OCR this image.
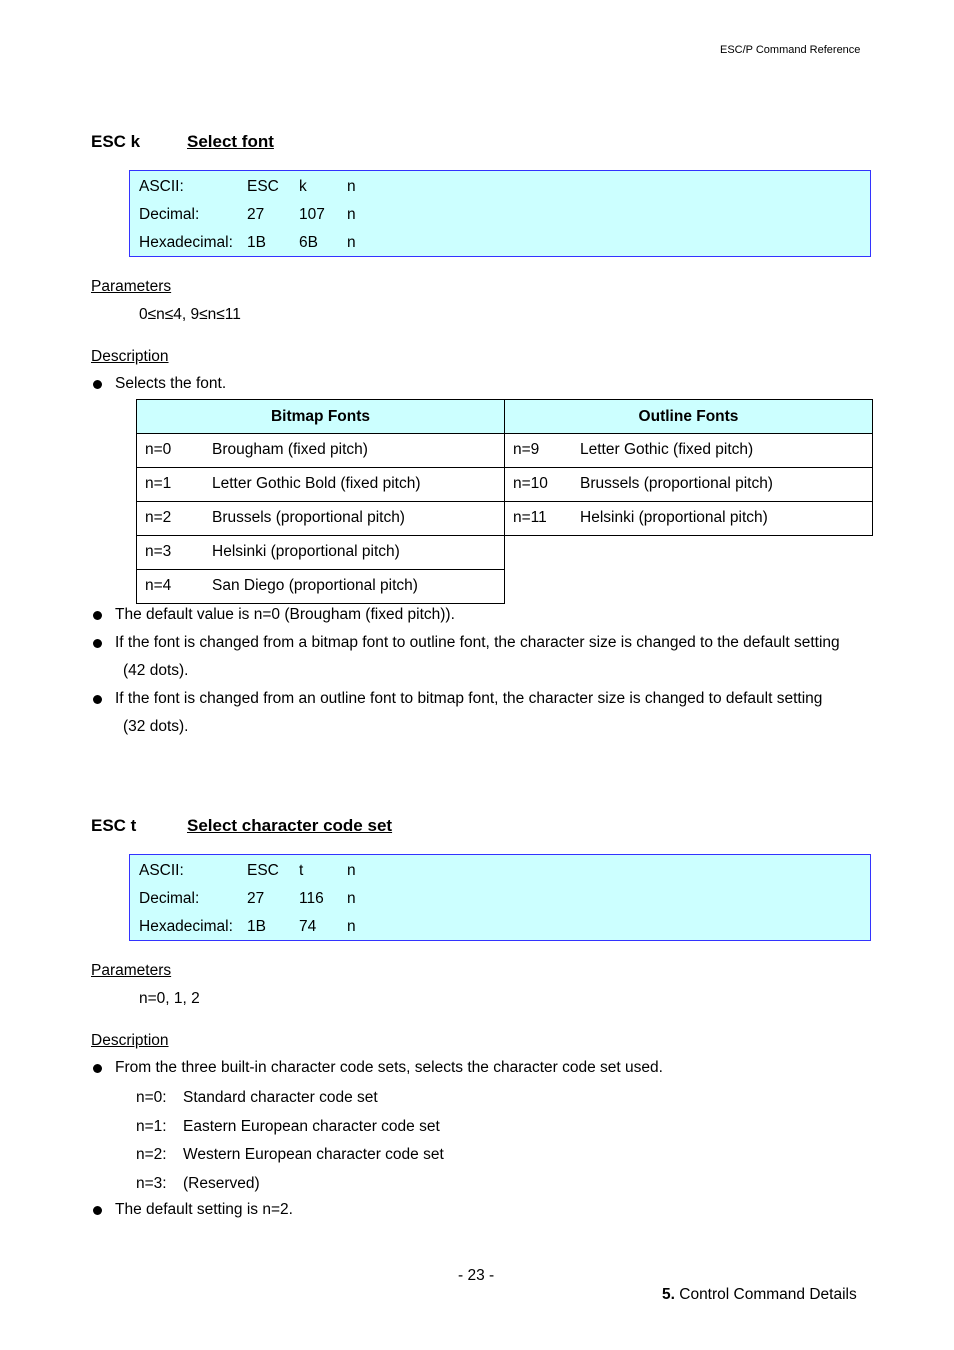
ESC/P Command Reference
ESC k	Select font
ASCII:	ESC k	n
Decimal:	27 107 n
Hexadecimal: 1B 6B n
Parameters
0≤n≤4, 9≤n≤11
Description
Selects the font.
Bitmap Fonts	Outline Fonts

n=0 Brougham (fixed pitch)	n=9 Letter Gothic (fixed pitch)

n=1 Letter Gothic Bold (fixed pitch)	n=10 Brussels (proportional pitch)

n=2 Brussels (proportional pitch)	n=11 Helsinki (proportional pitch)

n=3 Helsinki (proportional pitch)	

n=4 San Diego (proportional pitch)	

The default value is n=0 (Brougham (fixed pitch)).
If the font is changed from a bitmap font to outline font, the character size is changed to the default setting
(42 dots).
If the font is changed from an outline font to bitmap font, the character size is changed to default setting
(32 dots).
ESC t	Select character code set
ASCII:	ESC t	n
Decimal:	27 116 n
Hexadecimal: 1B 74 n
Parameters
n=0, 1, 2
Description
From the three built-in character code sets, selects the character code set used.
n=0: Standard character code set
n=1: Eastern European character code set
n=2: Western European character code set
n=3: (Reserved)
The default setting is n=2.
- 23 -
5. Control Command Details
